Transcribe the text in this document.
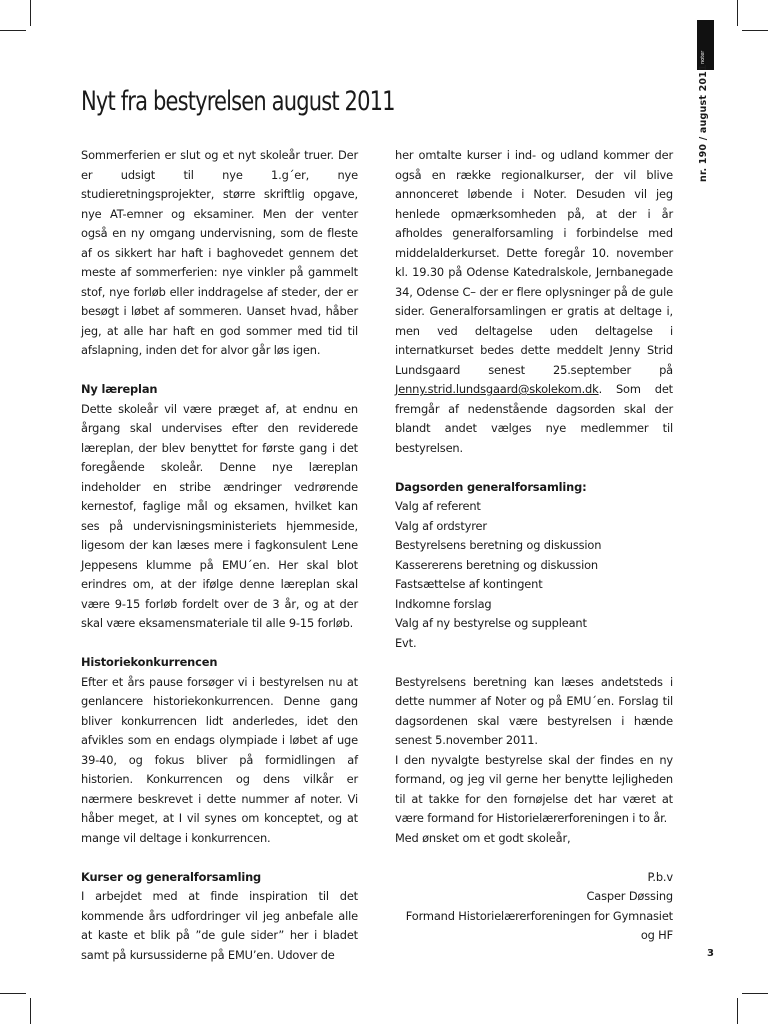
noter
nr. 190 / august 2011
Nyt fra bestyrelsen august 2011

Sommerferien er slut og et nyt skoleår truer. Der er udsigt til nye 1.g´er, nye studieretningsprojekter, større skriftlig opgave, nye AT-emner og eksaminer. Men der venter også en ny omgang undervisning, som de fleste af os sikkert har haft i baghovedet gennem det meste af sommerferien: nye vinkler på gammelt stof, nye forløb eller inddragelse af steder, der er besøgt i løbet af sommeren. Uanset hvad, håber jeg, at alle har haft en god sommer med tid til afslapning, inden det for alvor går løs igen.

Ny læreplan

Dette skoleår vil være præget af, at endnu en årgang skal undervises efter den reviderede læreplan, der blev benyttet for første gang i det foregående skoleår. Denne nye læreplan indeholder en stribe ændringer vedrørende kernestof, faglige mål og eksamen, hvilket kan ses på undervisningsministeriets hjemmeside, ligesom der kan læses mere i fagkonsulent Lene Jeppesens klumme på EMU´en. Her skal blot erindres om, at der ifølge denne læreplan skal være 9-15 forløb fordelt over de 3 år, og at der skal være eksamensmateriale til alle 9-15 forløb.

Historiekonkurrencen

Efter et års pause forsøger vi i bestyrelsen nu at genlancere historiekonkurrencen. Denne gang bliver konkurrencen lidt anderledes, idet den afvikles som en endags olympiade i løbet af uge 39-40, og fokus bliver på formidlingen af historien. Konkurrencen og dens vilkår er nærmere beskrevet i dette nummer af noter. Vi håber meget, at I vil synes om konceptet, og at mange vil deltage i konkurrencen.

Kurser og generalforsamling

I arbejdet med at finde inspiration til det kommende års udfordringer vil jeg anbefale alle at kaste et blik på ”de gule sider” her i bladet samt på kursussiderne på EMU’en. Udover de

her omtalte kurser i ind- og udland kommer der også en række regionalkurser, der vil blive annonceret løbende i Noter. Desuden vil jeg henlede opmærksomheden på, at der i år afholdes generalforsamling i forbindelse med middelalderkurset. Dette foregår 10. november kl. 19.30 på Odense Katedralskole, Jernbanegade 34, Odense C– der er flere oplysninger på de gule sider. Generalforsamlingen er gratis at deltage i, men ved deltagelse uden deltagelse i internatkurset bedes dette meddelt Jenny Strid Lundsgaard senest 25.september på Jenny.strid.lundsgaard@skolekom.dk. Som det fremgår af nedenstående dagsorden skal der blandt andet vælges nye medlemmer til bestyrelsen.

Dagsorden generalforsamling:

Valg af referent

Valg af ordstyrer

Bestyrelsens beretning og diskussion

Kassererens beretning og diskussion

Fastsættelse af kontingent

Indkomne forslag

Valg af ny bestyrelse og suppleant

Evt.

Bestyrelsens beretning kan læses andetsteds i dette nummer af Noter og på EMU´en. Forslag til dagsordenen skal være bestyrelsen i hænde senest 5.november 2011.

I den nyvalgte bestyrelse skal der findes en ny formand, og jeg vil gerne her benytte lejligheden til at takke for den fornøjelse det har været at være formand for Historielærerforeningen i to år.

Med ønsket om et godt skoleår,

P.b.v

Casper Døssing

Formand Historielærerforeningen for Gymnasiet og HF

3
